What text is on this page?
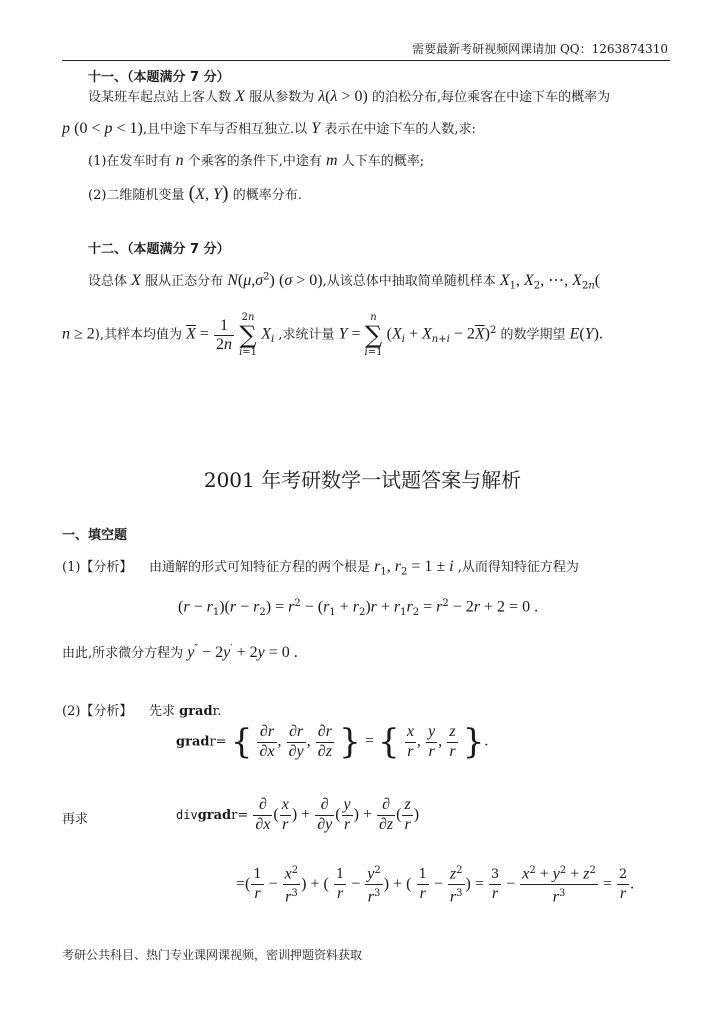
需要最新考研视频网课请加 QQ：1263874310
十一、（本题满分 7 分）
设某班车起点站上客人数 X 服从参数为 λ(λ > 0) 的泊松分布,每位乘客在中途下车的概率为
p (0 < p < 1),且中途下车与否相互独立.以 Y 表示在中途下车的人数,求:
(1)在发车时有 n 个乘客的条件下,中途有 m 人下车的概率;
(2)二维随机变量 (X, Y) 的概率分布.
十二、（本题满分 7 分）
设总体 X 服从正态分布 $N(\mu,\sigma^2) (\sigma > 0)$,从该总体中抽取简单随机样本 $X_1$, $X_2$, ⋯, $X_{2n}$(
n ≥ 2),其样本均值为 $\overline{X} = \frac{1}{2n} 2n$
∑
i=1 $X_i$ ,求统计量 Y = n
∑
i=1 $(X_i + X_{n+i} - 2\overline{X})^2$ 的数学期望 E(Y).
2001 年考研数学一试题答案与解析
一、填空题
(1)【分析】 由通解的形式可知特征方程的两个根是 $r_1$, $r_2 = 1 \pm i$ ,从而得知特征方程为
$(r - r_1)(r - r_2) = r^2 - (r_1 + r_2)r + r_1r_2 = r^2 - 2r + 2 = 0$ .
由此,所求微分方程为 y″ − 2y′ + 2y = 0 .
(2)【分析】 先求 gradr.
gradr= { $\frac{\partial r}{\partial x}$ , $\frac{\partial r}{\partial y}$ , $\frac{\partial r}{\partial z}$ } = { $\frac{x}{r}$ , $\frac{y}{r}$ , $\frac{z}{r}$ }.
再求	divgradr= $\frac{\partial}{\partial x}$ ( $\frac{x}{r}$ ) + $\frac{\partial}{\partial y}$ ( $\frac{y}{r}$ ) + $\frac{\partial}{\partial z}$ ( $\frac{z}{r}$ )
=( $\frac{1}{r} - \frac{x^2}{r^3}$ ) + ( $\frac{1}{r} - \frac{y^2}{r^3}$ ) + ( $\frac{1}{r} - \frac{z^2}{r^3}$ ) = $\frac{3}{r} - \frac{x^2 + y^2 + z^2}{r^3} = \frac{2}{r}$ .
考研公共科目、热门专业课网课视频，密训押题资料获取
